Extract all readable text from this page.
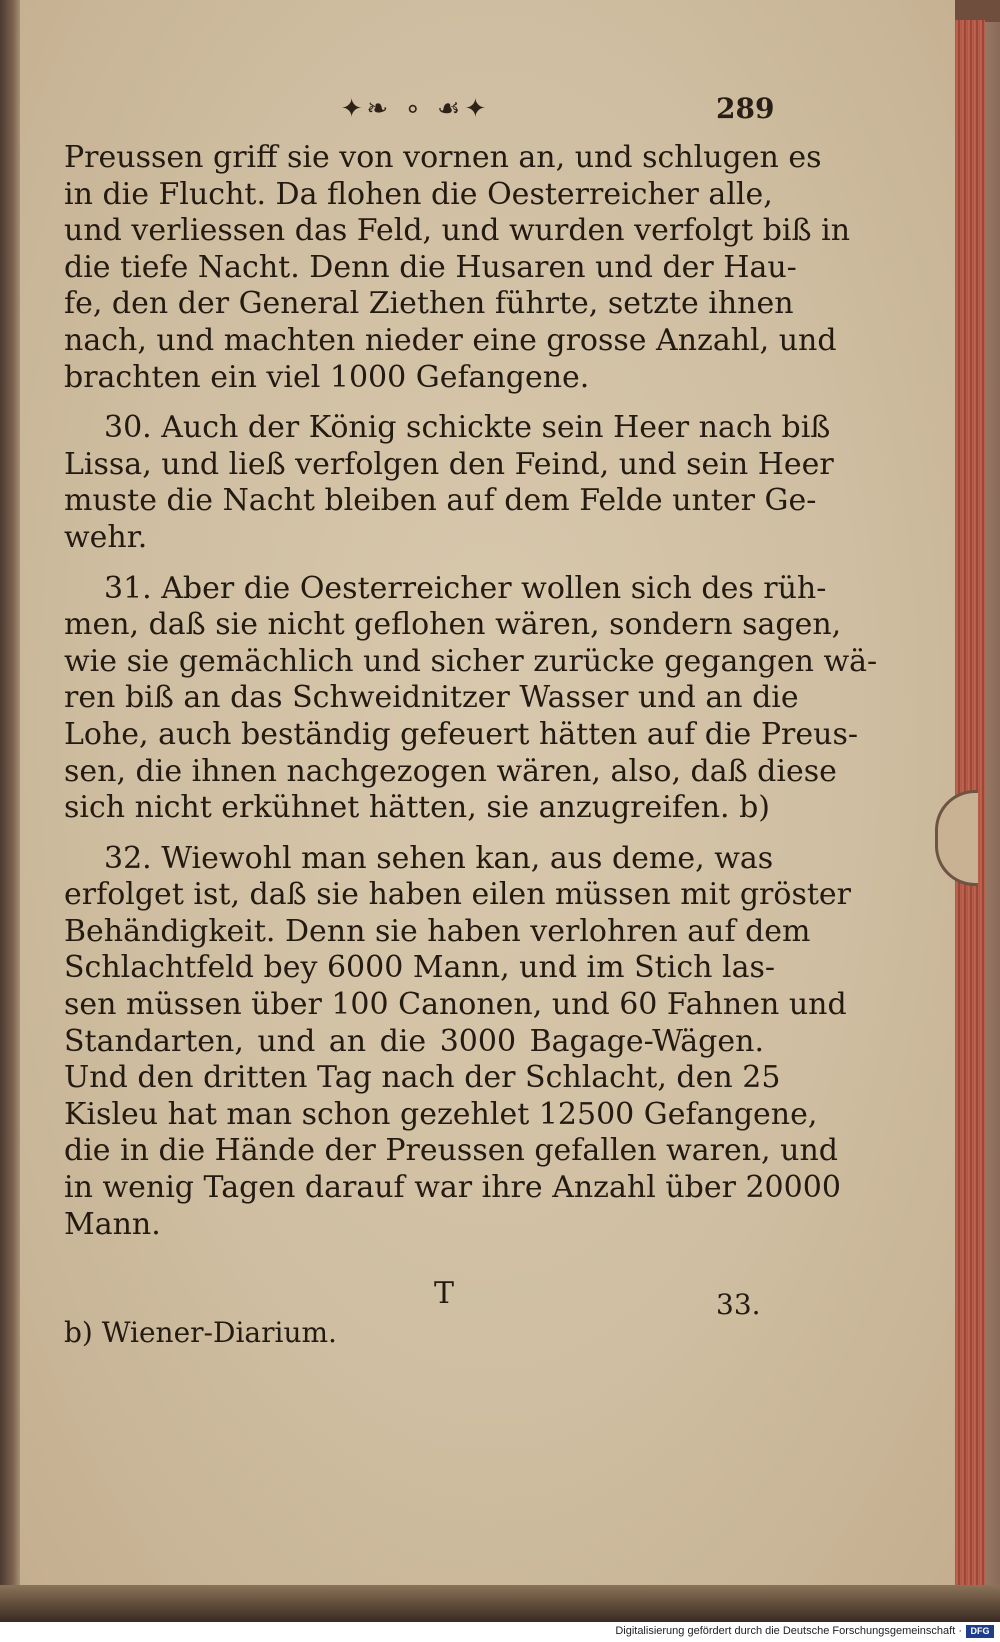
✦❧ ∘ ☙✦	289
Preussen griff sie von vornen an, und schlugen es
in die Flucht. Da flohen die Oesterreicher alle,
und verliessen das Feld, und wurden verfolgt biß in
die tiefe Nacht. Denn die Husaren und der Hau-
fe, den der General Ziethen führte, setzte ihnen
nach, und machten nieder eine grosse Anzahl, und
brachten ein viel 1000 Gefangene.
30. Auch der König schickte sein Heer nach biß
Lissa, und ließ verfolgen den Feind, und sein Heer
muste die Nacht bleiben auf dem Felde unter Ge-
wehr.
31. Aber die Oesterreicher wollen sich des rüh-
men, daß sie nicht geflohen wären, sondern sagen,
wie sie gemächlich und sicher zurücke gegangen wä-
ren biß an das Schweidnitzer Wasser und an die
Lohe, auch beständig gefeuert hätten auf die Preus-
sen, die ihnen nachgezogen wären, also, daß diese
sich nicht erkühnet hätten, sie anzugreifen. b)
32. Wiewohl man sehen kan, aus deme, was
erfolget ist, daß sie haben eilen müssen mit gröster
Behändigkeit. Denn sie haben verlohren auf dem
Schlachtfeld bey 6000 Mann, und im Stich las-
sen müssen über 100 Canonen, und 60 Fahnen und
Standarten, und an die 3000 Bagage-Wägen.
Und den dritten Tag nach der Schlacht, den 25
Kisleu hat man schon gezehlet 12500 Gefangene,
die in die Hände der Preussen gefallen waren, und
in wenig Tagen darauf war ihre Anzahl über 20000
Mann.
T	33.
b) Wiener-Diarium.
Digitalisierung gefördert durch die Deutsche Forschungsgemeinschaft · DFG
